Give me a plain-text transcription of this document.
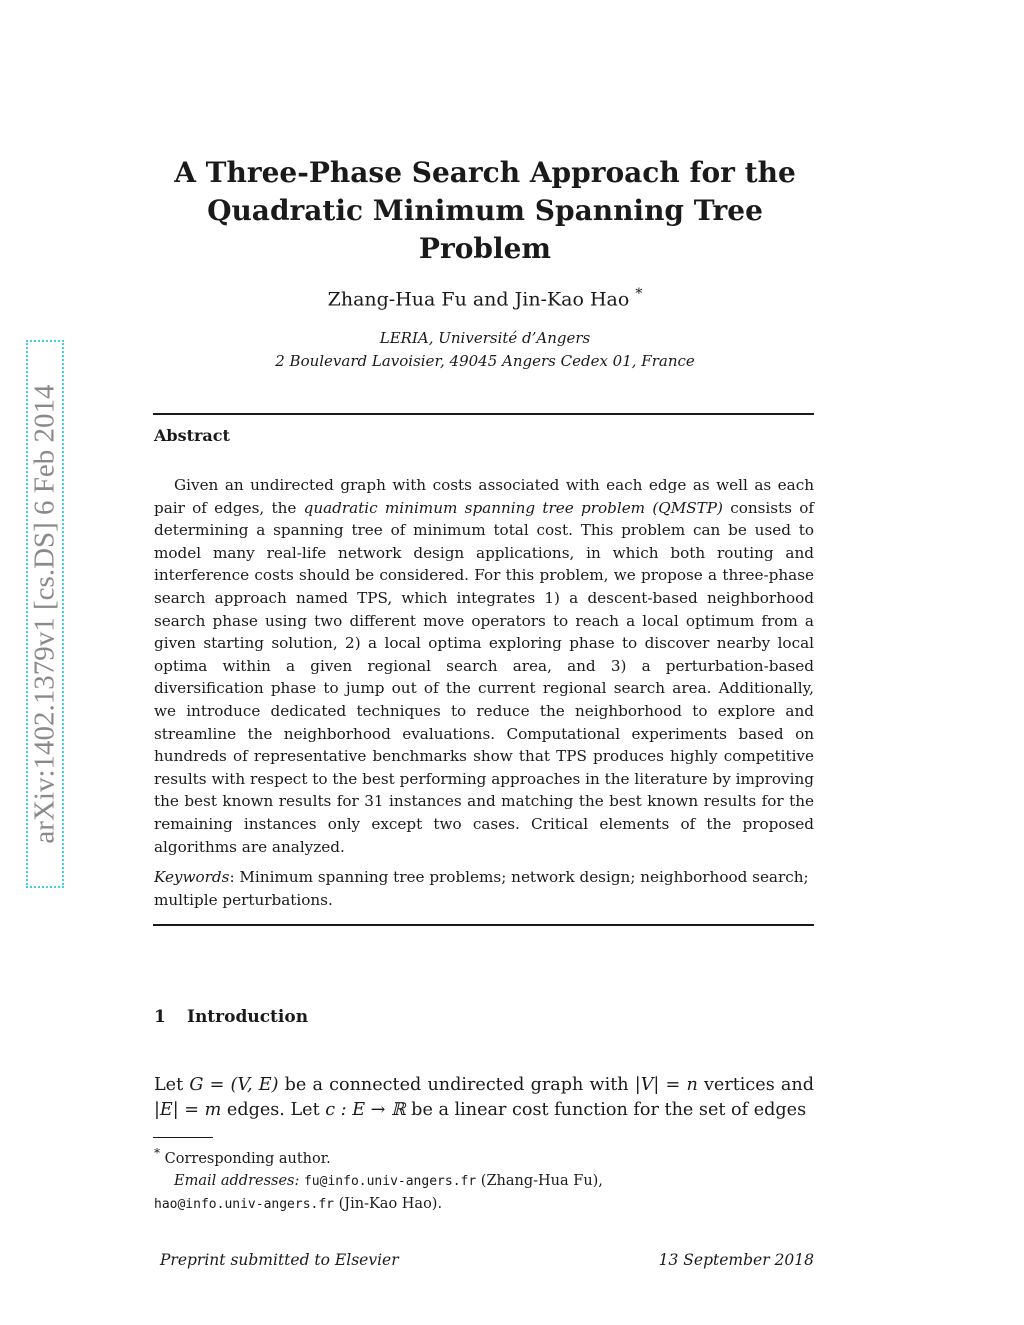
arXiv:1402.1379v1 [cs.DS] 6 Feb 2014
A Three-Phase Search Approach for the
Quadratic Minimum Spanning Tree Problem
Zhang-Hua Fu and Jin-Kao Hao *
LERIA, Université d’Angers
2 Boulevard Lavoisier, 49045 Angers Cedex 01, France
Abstract

Given an undirected graph with costs associated with each edge as well as each pair of edges, the quadratic minimum spanning tree problem (QMSTP) consists of determining a spanning tree of minimum total cost. This problem can be used to model many real-life network design applications, in which both routing and interference costs should be considered. For this problem, we propose a three-phase search approach named TPS, which integrates 1) a descent-based neighborhood search phase using two different move operators to reach a local optimum from a given starting solution, 2) a local optima exploring phase to discover nearby local optima within a given regional search area, and 3) a perturbation-based diversification phase to jump out of the current regional search area. Additionally, we introduce dedicated techniques to reduce the neighborhood to explore and streamline the neighborhood evaluations. Computational experiments based on hundreds of representative benchmarks show that TPS produces highly competitive results with respect to the best performing approaches in the literature by improving the best known results for 31 instances and matching the best known results for the remaining instances only except two cases. Critical elements of the proposed algorithms are analyzed.

Keywords: Minimum spanning tree problems; network design; neighborhood search; multiple perturbations.

1 Introduction

Let G = (V, E) be a connected undirected graph with |V| = n vertices and |E| = m edges. Let c : E → ℝ be a linear cost function for the set of edges

* Corresponding author.
Email addresses: fu@info.univ-angers.fr (Zhang-Hua Fu),
hao@info.univ-angers.fr (Jin-Kao Hao).
Preprint submitted to Elsevier	13 September 2018
